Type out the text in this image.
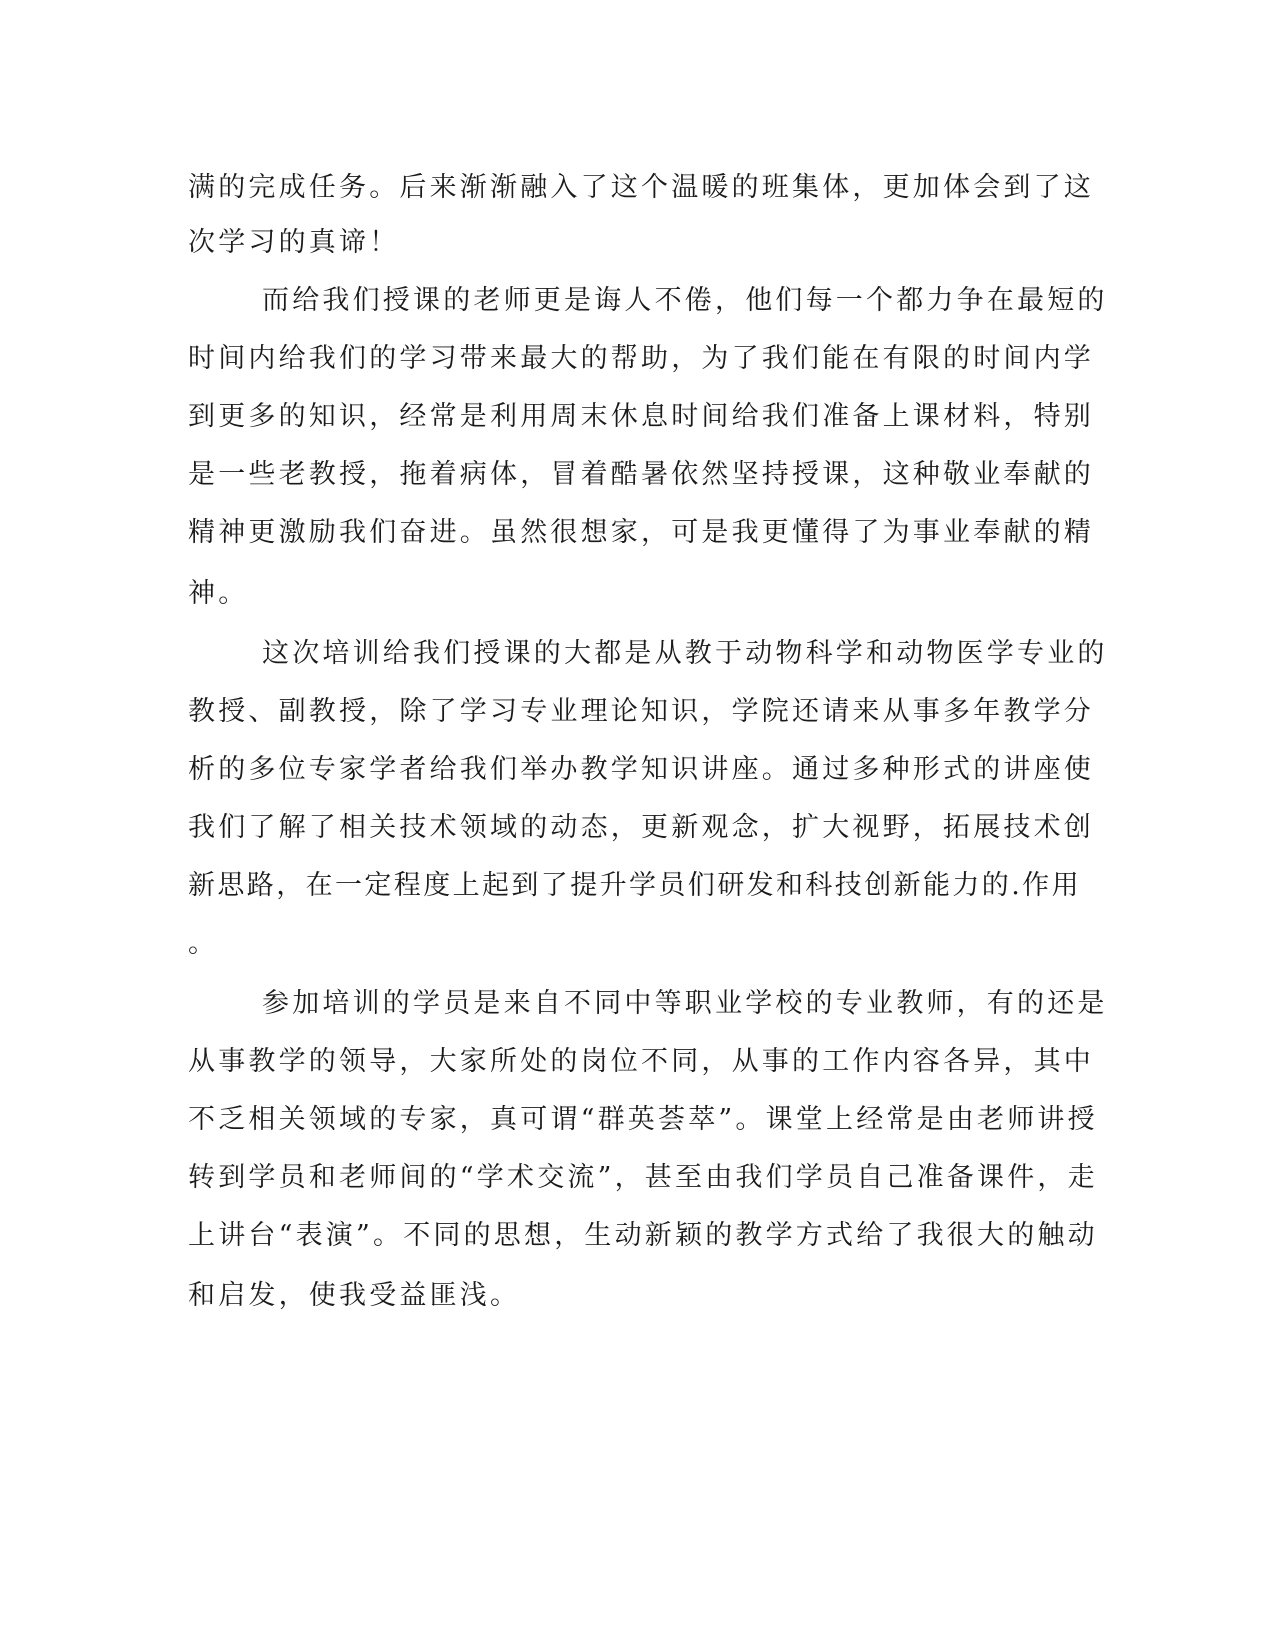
满的完成任务。后来渐渐融入了这个温暖的班集体，更加体会到了这
次学习的真谛！
而给我们授课的老师更是诲人不倦，他们每一个都力争在最短的
时间内给我们的学习带来最大的帮助，为了我们能在有限的时间内学
到更多的知识，经常是利用周末休息时间给我们准备上课材料，特别
是一些老教授，拖着病体，冒着酷暑依然坚持授课，这种敬业奉献的
精神更激励我们奋进。虽然很想家，可是我更懂得了为事业奉献的精
神。
这次培训给我们授课的大都是从教于动物科学和动物医学专业的
教授、副教授，除了学习专业理论知识，学院还请来从事多年教学分
析的多位专家学者给我们举办教学知识讲座。通过多种形式的讲座使
我们了解了相关技术领域的动态，更新观念，扩大视野，拓展技术创
新思路，在一定程度上起到了提升学员们研发和科技创新能力的.作用
。
参加培训的学员是来自不同中等职业学校的专业教师，有的还是
从事教学的领导，大家所处的岗位不同，从事的工作内容各异，其中
不乏相关领域的专家，真可谓“群英荟萃”。课堂上经常是由老师讲授
转到学员和老师间的“学术交流”，甚至由我们学员自己准备课件，走
上讲台“表演”。不同的思想，生动新颖的教学方式给了我很大的触动
和启发，使我受益匪浅。
